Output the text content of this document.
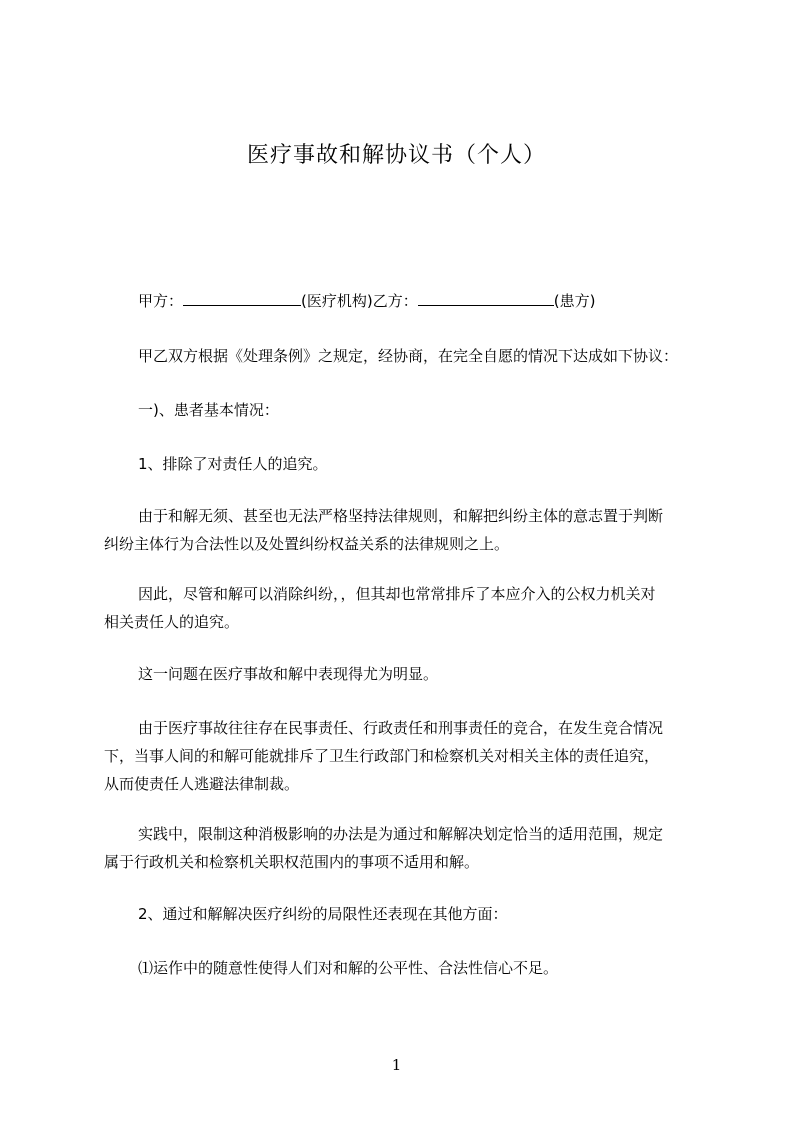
医疗事故和解协议书（个人）
甲方：	(医疗机构)乙方：	(患方)
甲乙双方根据《处理条例》之规定，经协商，在完全自愿的情况下达成如下协议：
一)、患者基本情况：
1、排除了对责任人的追究。
由于和解无须、甚至也无法严格坚持法律规则，和解把纠纷主体的意志置于判断
纠纷主体行为合法性以及处置纠纷权益关系的法律规则之上。
因此，尽管和解可以消除纠纷，，但其却也常常排斥了本应介入的公权力机关对
相关责任人的追究。
这一问题在医疗事故和解中表现得尤为明显。
由于医疗事故往往存在民事责任、行政责任和刑事责任的竞合，在发生竞合情况
下，当事人间的和解可能就排斥了卫生行政部门和检察机关对相关主体的责任追究，
从而使责任人逃避法律制裁。
实践中，限制这种消极影响的办法是为通过和解解决划定恰当的适用范围，规定
属于行政机关和检察机关职权范围内的事项不适用和解。
2、通过和解解决医疗纠纷的局限性还表现在其他方面：
⑴运作中的随意性使得人们对和解的公平性、合法性信心不足。
1
